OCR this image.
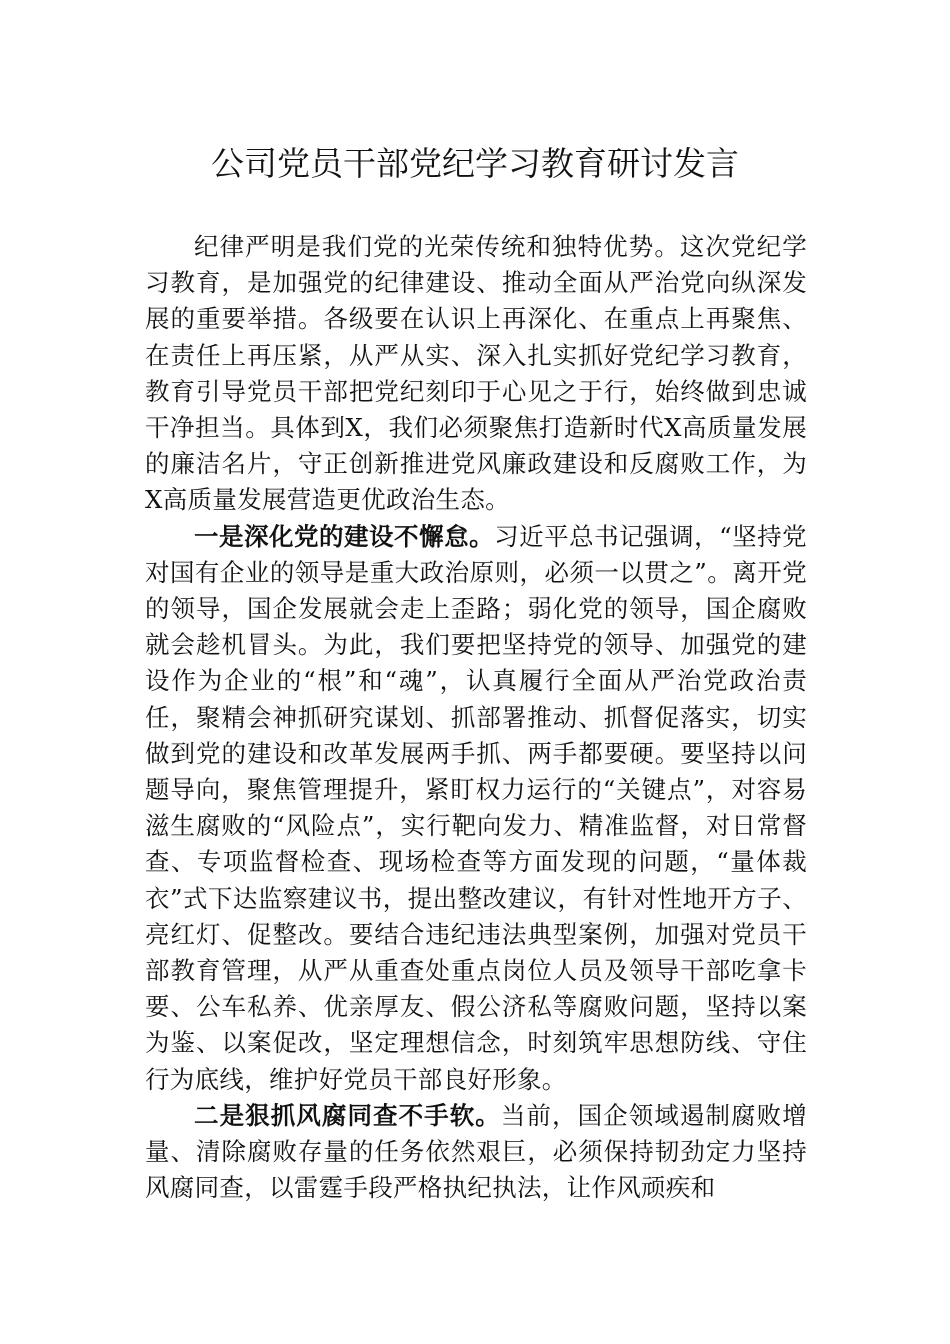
公司党员干部党纪学习教育研讨发言

纪律严明是我们党的光荣传统和独特优势。这次党纪学习教育，是加强党的纪律建设、推动全面从严治党向纵深发展的重要举措。各级要在认识上再深化、在重点上再聚焦、在责任上再压紧，从严从实、深入扎实抓好党纪学习教育，教育引导党员干部把党纪刻印于心见之于行，始终做到忠诚干净担当。具体到X，我们必须聚焦打造新时代X高质量发展的廉洁名片，守正创新推进党风廉政建设和反腐败工作，为X高质量发展营造更优政治生态。

一是深化党的建设不懈怠。习近平总书记强调，“坚持党对国有企业的领导是重大政治原则，必须一以贯之”。离开党的领导，国企发展就会走上歪路；弱化党的领导，国企腐败就会趁机冒头。为此，我们要把坚持党的领导、加强党的建设作为企业的“根”和“魂”，认真履行全面从严治党政治责任，聚精会神抓研究谋划、抓部署推动、抓督促落实，切实做到党的建设和改革发展两手抓、两手都要硬。要坚持以问题导向，聚焦管理提升，紧盯权力运行的“关键点”，对容易滋生腐败的“风险点”，实行靶向发力、精准监督，对日常督查、专项监督检查、现场检查等方面发现的问题，“量体裁衣”式下达监察建议书，提出整改建议，有针对性地开方子、亮红灯、促整改。要结合违纪违法典型案例，加强对党员干部教育管理，从严从重查处重点岗位人员及领导干部吃拿卡要、公车私养、优亲厚友、假公济私等腐败问题，坚持以案为鉴、以案促改，坚定理想信念，时刻筑牢思想防线、守住行为底线，维护好党员干部良好形象。

二是狠抓风腐同查不手软。当前，国企领域遏制腐败增量、清除腐败存量的任务依然艰巨，必须保持韧劲定力坚持风腐同查，以雷霆手段严格执纪执法，让作风顽疾和
